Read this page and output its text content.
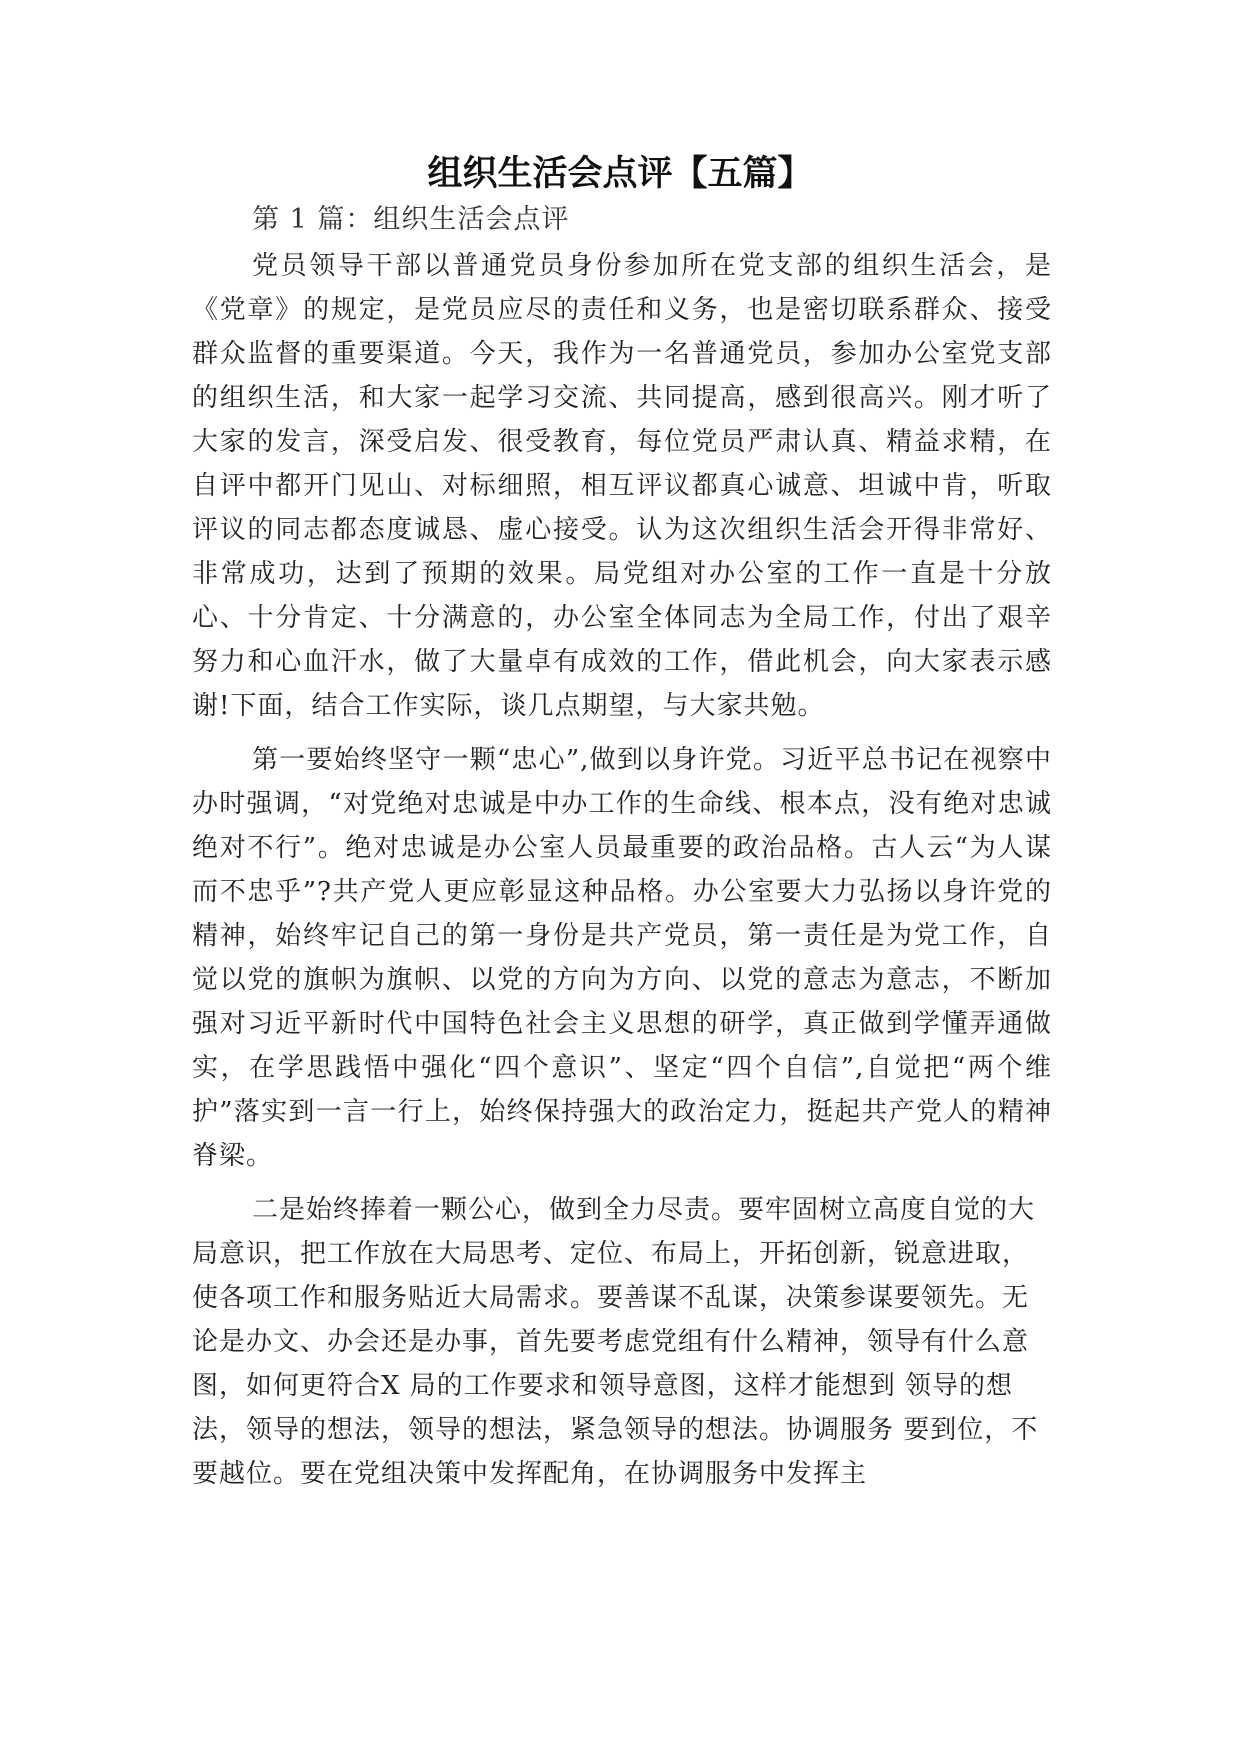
组织生活会点评【五篇】
第 1 篇：组织生活会点评

党员领导干部以普通党员身份参加所在党支部的组织生活会，是《党章》的规定，是党员应尽的责任和义务，也是密切联系群众、接受群众监督的重要渠道。今天，我作为一名普通党员，参加办公室党支部的组织生活，和大家一起学习交流、共同提高，感到很高兴。刚才听了大家的发言，深受启发、很受教育，每位党员严肃认真、精益求精，在自评中都开门见山、对标细照，相互评议都真心诚意、坦诚中肯，听取评议的同志都态度诚恳、虚心接受。认为这次组织生活会开得非常好、非常成功，达到了预期的效果。局党组对办公室的工作一直是十分放心、十分肯定、十分满意的，办公室全体同志为全局工作，付出了艰辛努力和心血汗水，做了大量卓有成效的工作，借此机会，向大家表示感谢!下面，结合工作实际，谈几点期望，与大家共勉。

第一要始终坚守一颗“忠心”,做到以身许党。习近平总书记在视察中办时强调，“对党绝对忠诚是中办工作的生命线、根本点，没有绝对忠诚绝对不行”。绝对忠诚是办公室人员最重要的政治品格。古人云“为人谋而不忠乎”?共产党人更应彰显这种品格。办公室要大力弘扬以身许党的精神，始终牢记自己的第一身份是共产党员，第一责任是为党工作，自觉以党的旗帜为旗帜、以党的方向为方向、以党的意志为意志，不断加强对习近平新时代中国特色社会主义思想的研学，真正做到学懂弄通做实，在学思践悟中强化“四个意识”、坚定“四个自信”,自觉把“两个维护”落实到一言一行上，始终保持强大的政治定力，挺起共产党人的精神脊梁。

二是始终捧着一颗公心，做到全力尽责。要牢固树立高度自觉的大局意识，把工作放在大局思考、定位、布局上，开拓创新，锐意进取，使各项工作和服务贴近大局需求。要善谋不乱谋，决策参谋要领先。无论是办文、办会还是办事，首先要考虑党组有什么精神，领导有什么意图，如何更符合X 局的工作要求和领导意图，这样才能想到 领导的想法，领导的想法，领导的想法，紧急领导的想法。协调服务 要到位，不要越位。要在党组决策中发挥配角，在协调服务中发挥主
